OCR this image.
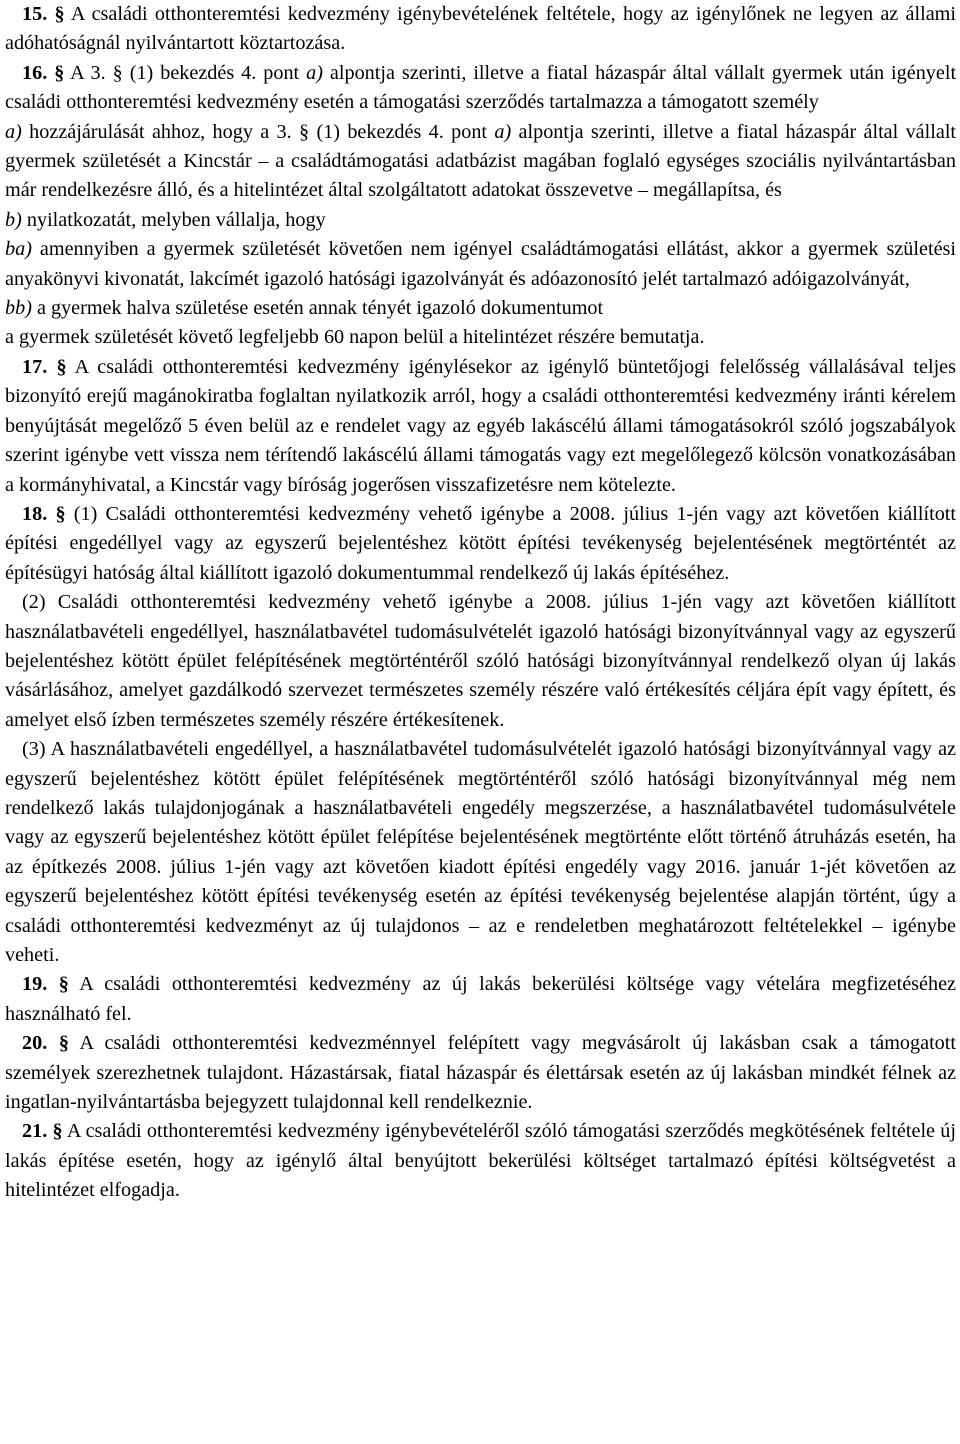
15. § A családi otthonteremtési kedvezmény igénybevételének feltétele, hogy az igénylőnek ne legyen az állami adóhatóságnál nyilvántartott köztartozása.

16. § A 3. § (1) bekezdés 4. pont a) alpontja szerinti, illetve a fiatal házaspár által vállalt gyermek után igényelt családi otthonteremtési kedvezmény esetén a támogatási szerződés tartalmazza a támogatott személy

a) hozzájárulását ahhoz, hogy a 3. § (1) bekezdés 4. pont a) alpontja szerinti, illetve a fiatal házaspár által vállalt gyermek születését a Kincstár – a családtámogatási adatbázist magában foglaló egységes szociális nyilvántartásban már rendelkezésre álló, és a hitelintézet által szolgáltatott adatokat összevetve – megállapítsa, és

b) nyilatkozatát, melyben vállalja, hogy

ba) amennyiben a gyermek születését követően nem igényel családtámogatási ellátást, akkor a gyermek születési anyakönyvi kivonatát, lakcímét igazoló hatósági igazolványát és adóazonosító jelét tartalmazó adóigazolványát,

bb) a gyermek halva születése esetén annak tényét igazoló dokumentumot

a gyermek születését követő legfeljebb 60 napon belül a hitelintézet részére bemutatja.

17. § A családi otthonteremtési kedvezmény igénylésekor az igénylő büntetőjogi felelősség vállalásával teljes bizonyító erejű magánokiratba foglaltan nyilatkozik arról, hogy a családi otthonteremtési kedvezmény iránti kérelem benyújtását megelőző 5 éven belül az e rendelet vagy az egyéb lakáscélú állami támogatásokról szóló jogszabályok szerint igénybe vett vissza nem térítendő lakáscélú állami támogatás vagy ezt megelőlegező kölcsön vonatkozásában a kormányhivatal, a Kincstár vagy bíróság jogerősen visszafizetésre nem kötelezte.

18. § (1) Családi otthonteremtési kedvezmény vehető igénybe a 2008. július 1-jén vagy azt követően kiállított építési engedéllyel vagy az egyszerű bejelentéshez kötött építési tevékenység bejelentésének megtörténtét az építésügyi hatóság által kiállított igazoló dokumentummal rendelkező új lakás építéséhez.

(2) Családi otthonteremtési kedvezmény vehető igénybe a 2008. július 1-jén vagy azt követően kiállított használatbavételi engedéllyel, használatbavétel tudomásulvételét igazoló hatósági bizonyítvánnyal vagy az egyszerű bejelentéshez kötött épület felépítésének megtörténtéről szóló hatósági bizonyítvánnyal rendelkező olyan új lakás vásárlásához, amelyet gazdálkodó szervezet természetes személy részére való értékesítés céljára épít vagy épített, és amelyet első ízben természetes személy részére értékesítenek.

(3) A használatbavételi engedéllyel, a használatbavétel tudomásulvételét igazoló hatósági bizonyítvánnyal vagy az egyszerű bejelentéshez kötött épület felépítésének megtörténtéről szóló hatósági bizonyítvánnyal még nem rendelkező lakás tulajdonjogának a használatbavételi engedély megszerzése, a használatbavétel tudomásulvétele vagy az egyszerű bejelentéshez kötött épület felépítése bejelentésének megtörténte előtt történő átruházás esetén, ha az építkezés 2008. július 1-jén vagy azt követően kiadott építési engedély vagy 2016. január 1-jét követően az egyszerű bejelentéshez kötött építési tevékenység esetén az építési tevékenység bejelentése alapján történt, úgy a családi otthonteremtési kedvezményt az új tulajdonos – az e rendeletben meghatározott feltételekkel – igénybe veheti.

19. § A családi otthonteremtési kedvezmény az új lakás bekerülési költsége vagy vételára megfizetéséhez használható fel.

20. § A családi otthonteremtési kedvezménnyel felépített vagy megvásárolt új lakásban csak a támogatott személyek szerezhetnek tulajdont. Házastársak, fiatal házaspár és élettársak esetén az új lakásban mindkét félnek az ingatlan-nyilvántartásba bejegyzett tulajdonnal kell rendelkeznie.

21. § A családi otthonteremtési kedvezmény igénybevételéről szóló támogatási szerződés megkötésének feltétele új lakás építése esetén, hogy az igénylő által benyújtott bekerülési költséget tartalmazó építési költségvetést a hitelintézet elfogadja.
